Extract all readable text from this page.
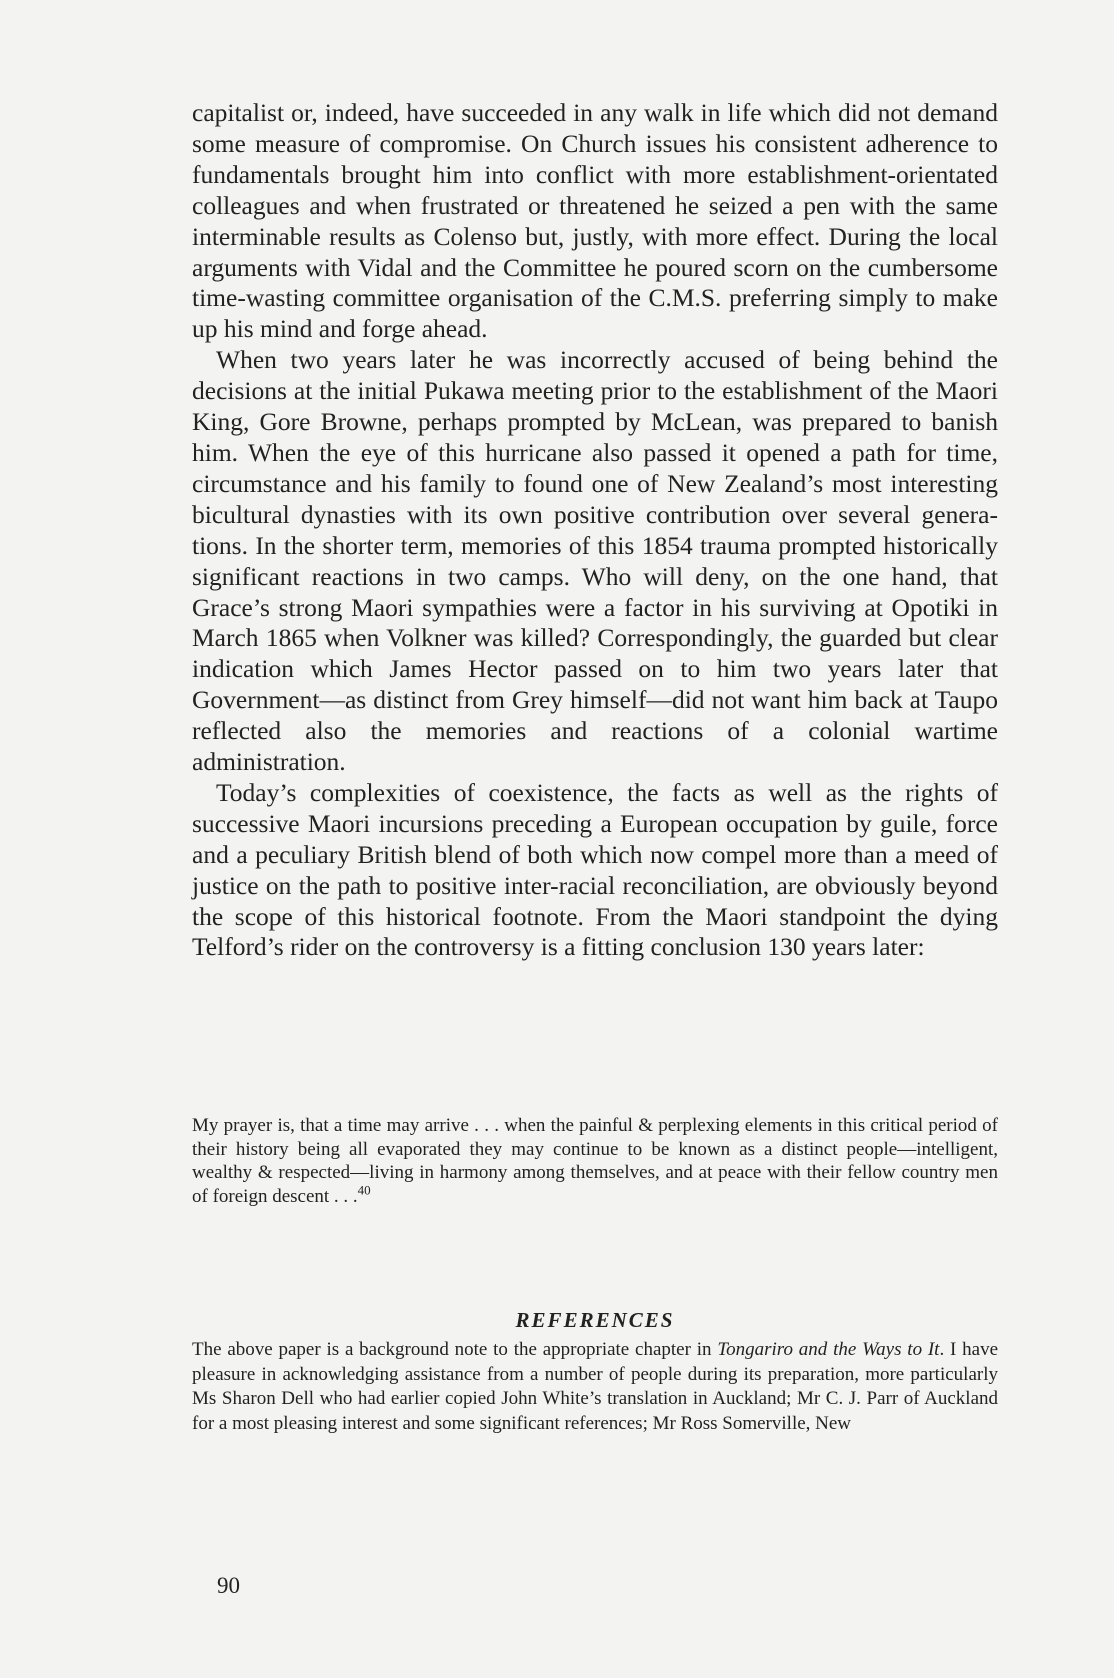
capitalist or, indeed, have succeeded in any walk in life which did not demand some measure of compromise. On Church issues his consistent adherence to fundamentals brought him into conflict with more establishment-orientated colleagues and when frustrated or threatened he seized a pen with the same interminable results as Colenso but, justly, with more effect. During the local arguments with Vidal and the Committee he poured scorn on the cumbersome time-wasting committee organisation of the C.M.S. preferring simply to make up his mind and forge ahead.

When two years later he was incorrectly accused of being behind the decisions at the initial Pukawa meeting prior to the establishment of the Maori King, Gore Browne, perhaps prompted by McLean, was prepared to banish him. When the eye of this hurricane also passed it opened a path for time, circumstance and his family to found one of New Zealand’s most interesting bicultural dynasties with its own positive contribution over several generations. In the shorter term, memories of this 1854 trauma prompted historically significant reactions in two camps. Who will deny, on the one hand, that Grace’s strong Maori sympathies were a factor in his surviving at Opotiki in March 1865 when Volkner was killed? Correspondingly, the guarded but clear indication which James Hector passed on to him two years later that Government—as distinct from Grey himself—did not want him back at Taupo reflected also the memories and reactions of a colonial wartime administration.

Today’s complexities of coexistence, the facts as well as the rights of successive Maori incursions preceding a European occupation by guile, force and a peculiary British blend of both which now compel more than a meed of justice on the path to positive inter-racial reconciliation, are obviously beyond the scope of this historical footnote. From the Maori standpoint the dying Telford’s rider on the controversy is a fitting conclusion 130 years later:

My prayer is, that a time may arrive . . . when the painful & perplexing elements in this critical period of their history being all evaporated they may continue to be known as a distinct people—intelligent, wealthy & respected—living in harmony among themselves, and at peace with their fellow country men of foreign descent . . .$^{40}$

REFERENCES

The above paper is a background note to the appropriate chapter in Tongariro and the Ways to It. I have pleasure in acknowledging assistance from a number of people during its preparation, more particularly Ms Sharon Dell who had earlier copied John White’s translation in Auckland; Mr C. J. Parr of Auckland for a most pleasing interest and some significant references; Mr Ross Somerville, New

90
